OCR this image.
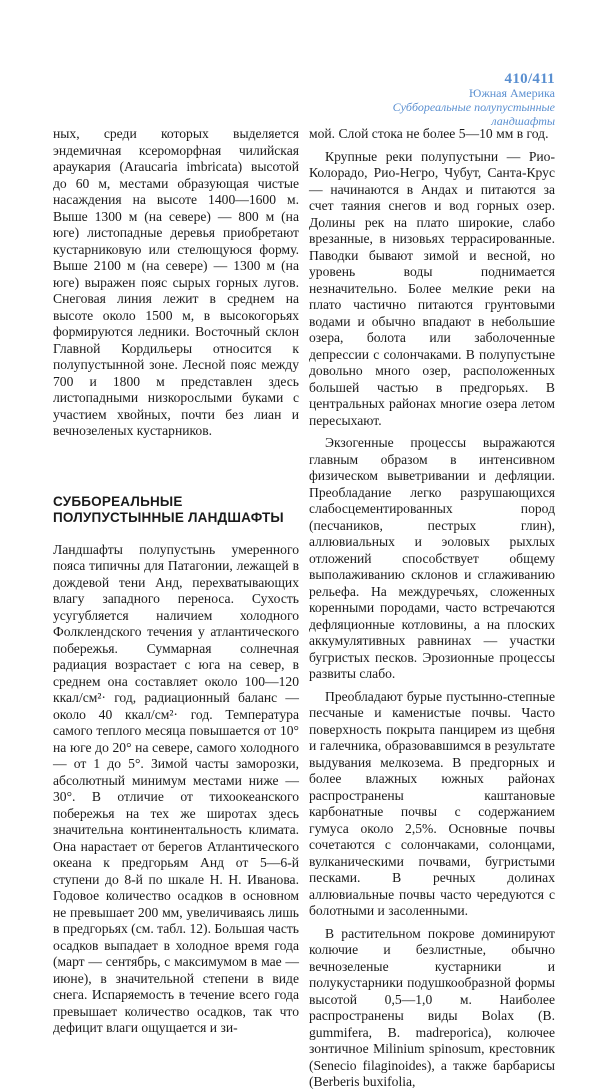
410/411
Южная Америка
Суббореальные полупустынные
ландшафты

ных, среди которых выделяется эндемичная ксероморфная чилийская араукария (Araucaria imbricata) высотой до 60 м, местами образующая чистые насаждения на высоте 1400—1600 м. Выше 1300 м (на севере) — 800 м (на юге) листопадные деревья приобретают кустарниковую или стелющуюся форму. Выше 2100 м (на севере) — 1300 м (на юге) выражен пояс сырых горных лугов. Снеговая линия лежит в среднем на высоте около 1500 м, в высокогорьях формируются ледники. Восточный склон Главной Кордильеры относится к полупустынной зоне. Лесной пояс между 700 и 1800 м представлен здесь листопадными низкорослыми буками с участием хвойных, почти без лиан и вечнозеленых кустарников.

СУББОРЕАЛЬНЫЕ
ПОЛУПУСТЫННЫЕ ЛАНДШАФТЫ

Ландшафты полупустынь умеренного пояса типичны для Патагонии, лежащей в дождевой тени Анд, перехватывающих влагу западного переноса. Сухость усугубляется наличием холодного Фолклендского течения у атлантического побережья. Суммарная солнечная радиация возрастает с юга на север, в среднем она составляет около 100—120 ккал/см²· год, радиационный баланс — около 40 ккал/см²· год. Температура самого теплого месяца повышается от 10° на юге до 20° на севере, самого холодного — от 1 до 5°. Зимой часты заморозки, абсолютный минимум местами ниже —30°. В отличие от тихоокеанского побережья на тех же широтах здесь значительна континентальность климата. Она нарастает от берегов Атлантического океана к предгорьям Анд от 5—6-й ступени до 8-й по шкале Н. Н. Иванова. Годовое количество осадков в основном не превышает 200 мм, увеличиваясь лишь в предгорьях (см. табл. 12). Большая часть осадков выпадает в холодное время года (март — сентябрь, с максимумом в мае — июне), в значительной степени в виде снега. Испаряемость в течение всего года превышает количество осадков, так что дефицит влаги ощущается и зи-

мой. Слой стока не более 5—10 мм в год.

Крупные реки полупустыни — Рио-Колорадо, Рио-Негро, Чубут, Санта-Крус — начинаются в Андах и питаются за счет таяния снегов и вод горных озер. Долины рек на плато широкие, слабо врезанные, в низовьях террасированные. Паводки бывают зимой и весной, но уровень воды поднимается незначительно. Более мелкие реки на плато частично питаются грунтовыми водами и обычно впадают в небольшие озера, болота или заболоченные депрессии с солончаками. В полупустыне довольно много озер, расположенных большей частью в предгорьях. В центральных районах многие озера летом пересыхают.

Экзогенные процессы выражаются главным образом в интенсивном физическом выветривании и дефляции. Преобладание легко разрушающихся слабосцементированных пород (песчаников, пестрых глин), аллювиальных и эоловых рыхлых отложений способствует общему выполаживанию склонов и сглаживанию рельефа. На междуречьях, сложенных коренными породами, часто встречаются дефляционные котловины, а на плоских аккумулятивных равнинах — участки бугристых песков. Эрозионные процессы развиты слабо.

Преобладают бурые пустынно-степные песчаные и каменистые почвы. Часто поверхность покрыта панцирем из щебня и галечника, образовавшимся в результате выдувания мелкозема. В предгорных и более влажных южных районах распространены каштановые карбонатные почвы с содержанием гумуса около 2,5%. Основные почвы сочетаются с солончаками, солонцами, вулканическими почвами, бугристыми песками. В речных долинах аллювиальные почвы часто чередуются с болотными и засоленными.

В растительном покрове доминируют колючие и безлистные, обычно вечнозеленые кустарники и полукустарники подушкообразной формы высотой 0,5—1,0 м. Наиболее распространены виды Bolax (B. gummifera, B. madreporica), колючее зонтичное Milinium spinosum, крестовник (Senecio filaginoides), а также барбарисы (Berberis buxifolia,
